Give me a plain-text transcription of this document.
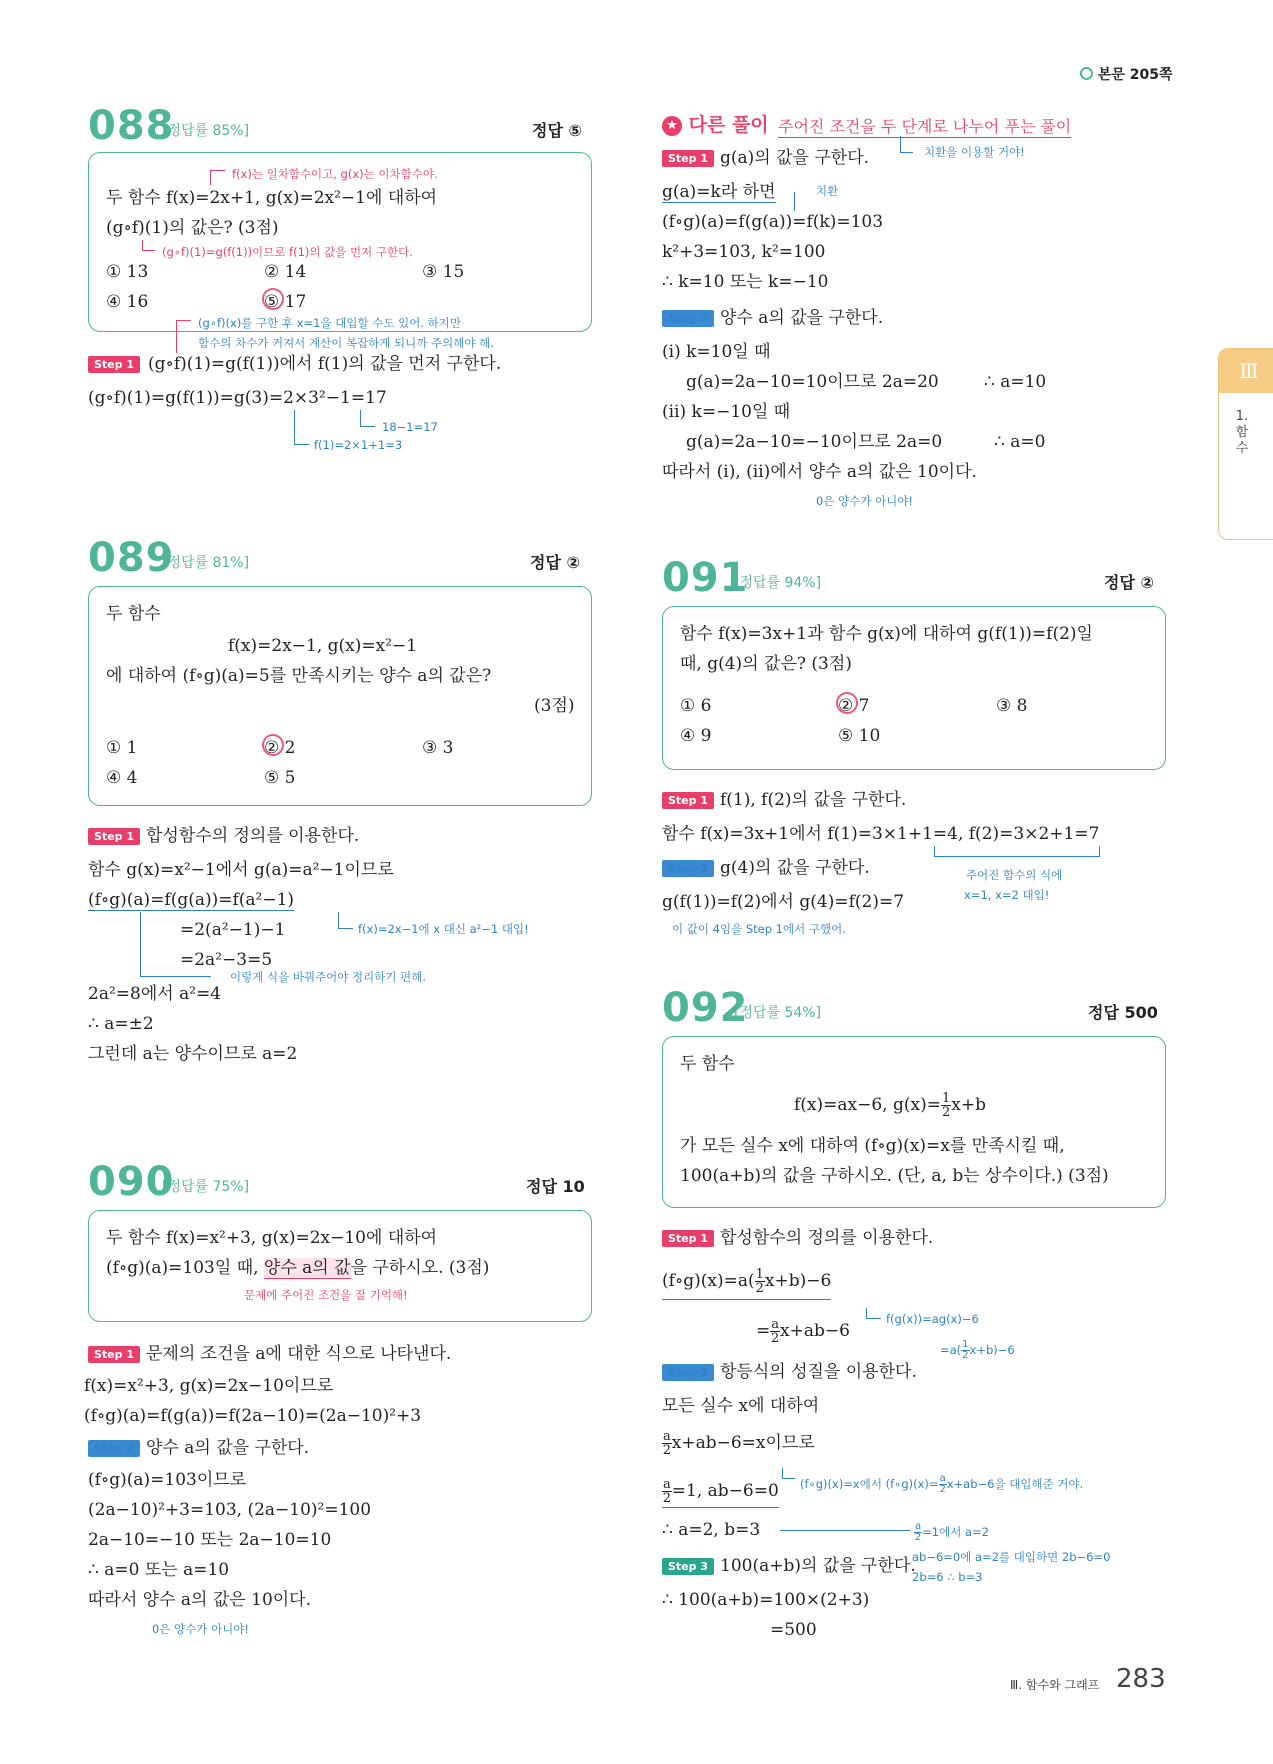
본문 205쪽
Ⅲ
1. 함수
088
[정답률 85%]	정답 ⑤
f(x)는 일차함수이고, g(x)는 이차함수야.
두 함수 f(x)=2x+1, g(x)=2x²−1에 대하여
(g∘f)(1)의 값은? (3점)
(g∘f)(1)=g(f(1))이므로 f(1)의 값을 먼저 구한다.
① 13	② 14	③ 15
④ 16	⑤ 17
(g∘f)(x)를 구한 후 x=1을 대입할 수도 있어. 하지만
함수의 차수가 커져서 계산이 복잡하게 되니까 주의해야 해.
Step 1 (g∘f)(1)=g(f(1))에서 f(1)의 값을 먼저 구한다.
(g∘f)(1)=g(f(1))=g(3)=2×3²−1=17
18−1=17
f(1)=2×1+1=3
★ 다른 풀이 주어진 조건을 두 단계로 나누어 푸는 풀이
치환을 이용할 거야!
Step 1 g(a)의 값을 구한다.
g(a)=k라 하면	치환
(f∘g)(a)=f(g(a))=f(k)=103
k²+3=103, k²=100
∴ k=10 또는 k=−10
Step 2 양수 a의 값을 구한다.
(ⅰ) k=10일 때
g(a)=2a−10=10이므로 2a=20	∴ a=10
(ⅱ) k=−10일 때
g(a)=2a−10=−10이므로 2a=0	∴ a=0
따라서 (ⅰ), (ⅱ)에서 양수 a의 값은 10이다.
0은 양수가 아니야!
089
[정답률 81%]	정답 ②
두 함수
f(x)=2x−1, g(x)=x²−1
에 대하여 (f∘g)(a)=5를 만족시키는 양수 a의 값은?
(3점)
① 1	② 2	③ 3
④ 4	⑤ 5
Step 1 합성함수의 정의를 이용한다.
함수 g(x)=x²−1에서 g(a)=a²−1이므로
(f∘g)(a)=f(g(a))=f(a²−1)
=2(a²−1)−1	f(x)=2x−1에 x 대신 a²−1 대입!
=2a²−3=5
이렇게 식을 바꿔주어야 정리하기 편해.
2a²=8에서 a²=4
∴ a=±2
그런데 a는 양수이므로 a=2
090
[정답률 75%]	정답 10
두 함수 f(x)=x²+3, g(x)=2x−10에 대하여
(f∘g)(a)=103일 때, 양수 a의 값을 구하시오. (3점)
문제에 주어진 조건을 잘 기억해!
Step 1 문제의 조건을 a에 대한 식으로 나타낸다.
f(x)=x²+3, g(x)=2x−10이므로
(f∘g)(a)=f(g(a))=f(2a−10)=(2a−10)²+3
Step 2 양수 a의 값을 구한다.
(f∘g)(a)=103이므로
(2a−10)²+3=103, (2a−10)²=100
2a−10=−10 또는 2a−10=10
∴ a=0 또는 a=10
따라서 양수 a의 값은 10이다.
0은 양수가 아니야!
091
[정답률 94%]	정답 ②
함수 f(x)=3x+1과 함수 g(x)에 대하여 g(f(1))=f(2)일
때, g(4)의 값은? (3점)
① 6	② 7	③ 8
④ 9	⑤ 10
Step 1 f(1), f(2)의 값을 구한다.
함수 f(x)=3x+1에서 f(1)=3×1+1=4, f(2)=3×2+1=7
Step 2 g(4)의 값을 구한다.	주어진 함수의 식에
x=1, x=2 대입!
g(f(1))=f(2)에서 g(4)=f(2)=7
이 값이 4임을 Step 1에서 구했어.
092
[정답률 54%]	정답 500
두 함수
f(x)=ax−6, $g(x)= \frac{1}{2} x+b$
가 모든 실수 x에 대하여 (f∘g)(x)=x를 만족시킬 때,
100(a+b)의 값을 구하시오. (단, a, b는 상수이다.) (3점)
Step 1 합성함수의 정의를 이용한다.
(f∘g)(x)=a( $\frac{1}{2} x+b)-6$
= $\frac{a}{2} x+ab-6$
f(g(x))=ag(x)−6
$=a( \frac{1}{2} x+b)-6$
Step 2 항등식의 성질을 이용한다.
모든 실수 x에 대하여
$\frac{a}{2} x+ab-6=x$이므로
$\frac{a}{2} =1$, ab−6=0 (f∘g)(x)=x에서 (f∘g)(x)= $\frac{a}{2} x+ab-6$을 대입해준 거야.
∴ a=2, b=3	$\frac{a}{2} =1$에서 a=2
Step 3 100(a+b)의 값을 구한다.
ab−6=0에 a=2를 대입하면 2b−6=0
2b=6 ∴ b=3
∴ 100(a+b)=100×(2+3)
=500
Ⅲ. 함수와 그래프 283
